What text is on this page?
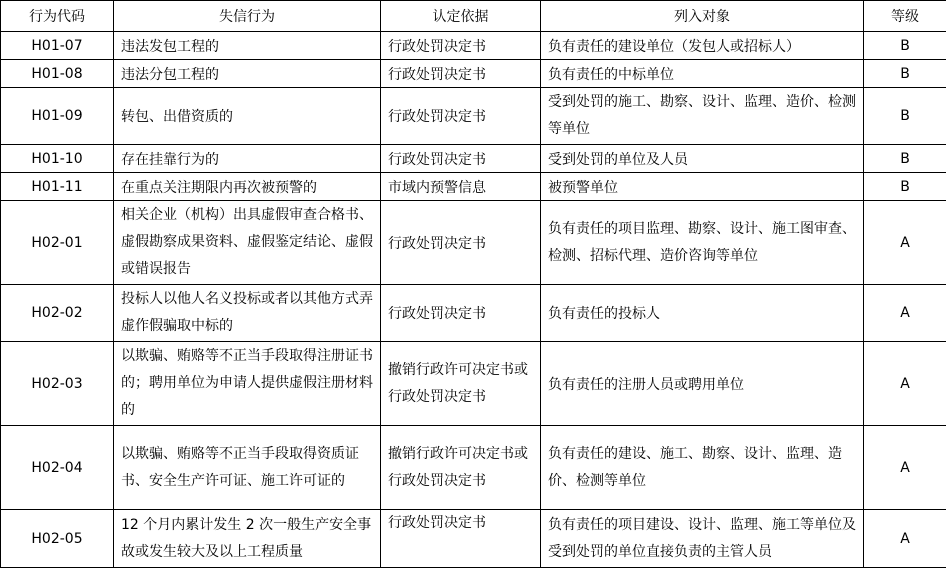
行为代码	失信行为	认定依据	列入对象	等级
H01-07	违法发包工程的	行政处罚决定书	负有责任的建设单位（发包人或招标人）	B
H01-08	违法分包工程的	行政处罚决定书	负有责任的中标单位	B
H01-09	转包、出借资质的	行政处罚决定书	受到处罚的施工、勘察、设计、监理、造价、检测等单位	B
H01-10	存在挂靠行为的	行政处罚决定书	受到处罚的单位及人员	B
H01-11	在重点关注期限内再次被预警的	市域内预警信息	被预警单位	B
H02-01	相关企业（机构）出具虚假审查合格书、虚假勘察成果资料、虚假鉴定结论、虚假或错误报告	行政处罚决定书	负有责任的项目监理、勘察、设计、施工图审查、检测、招标代理、造价咨询等单位	A
H02-02	投标人以他人名义投标或者以其他方式弄虚作假骗取中标的	行政处罚决定书	负有责任的投标人	A
H02-03	以欺骗、贿赂等不正当手段取得注册证书的；聘用单位为申请人提供虚假注册材料的	撤销行政许可决定书或行政处罚决定书	负有责任的注册人员或聘用单位	A
H02-04	以欺骗、贿赂等不正当手段取得资质证书、安全生产许可证、施工许可证的	撤销行政许可决定书或行政处罚决定书	负有责任的建设、施工、勘察、设计、监理、造价、检测等单位	A
H02-05	12 个月内累计发生 2 次一般生产安全事故或发生较大及以上工程质量	行政处罚决定书	负有责任的项目建设、设计、监理、施工等单位及受到处罚的单位直接负责的主管人员	A
